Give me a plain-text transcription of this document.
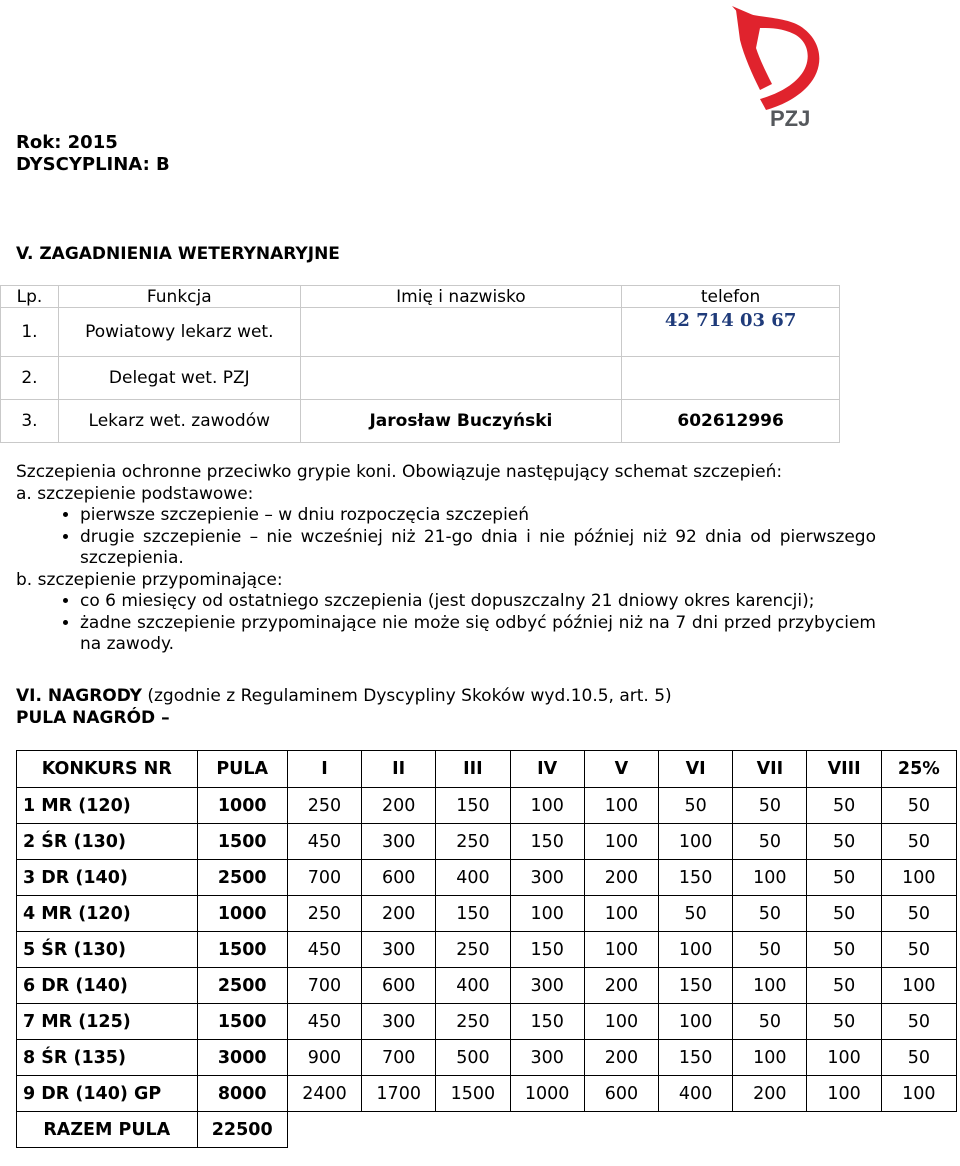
PZJ

Rok: 2015

DYSCYPLINA: B

V. ZAGADNIENIA WETERYNARYJNE

Lp.	Funkcja	Imię i nazwisko	telefon
1.	Powiatowy lekarz wet.		42 714 03 67
2.	Delegat wet. PZJ		
3.	Lekarz wet. zawodów	Jarosław Buczyński	602612996

Szczepienia ochronne przeciwko grypie koni. Obowiązuje następujący schemat szczepień:

a. szczepienie podstawowe:

• pierwsze szczepienie – w dniu rozpoczęcia szczepień
• drugie szczepienie – nie wcześniej niż 21-go dnia i nie później niż 92 dnia od pierwszego szczepienia.

b. szczepienie przypominające:

• co 6 miesięcy od ostatniego szczepienia (jest dopuszczalny 21 dniowy okres karencji);
• żadne szczepienie przypominające nie może się odbyć później niż na 7 dni przed przybyciem na zawody.

VI. NAGRODY (zgodnie z Regulaminem Dyscypliny Skoków wyd.10.5, art. 5)

PULA NAGRÓD –

KONKURS NR	PULA	I	II	III	IV	V	VI	VII	VIII	25%
1 MR (120)	1000	250	200	150	100	100	50	50	50	50
2 ŚR (130)	1500	450	300	250	150	100	100	50	50	50
3 DR (140)	2500	700	600	400	300	200	150	100	50	100
4 MR (120)	1000	250	200	150	100	100	50	50	50	50
5 ŚR (130)	1500	450	300	250	150	100	100	50	50	50
6 DR (140)	2500	700	600	400	300	200	150	100	50	100
7 MR (125)	1500	450	300	250	150	100	100	50	50	50
8 ŚR (135)	3000	900	700	500	300	200	150	100	100	50
9 DR (140) GP	8000	2400	1700	1500	1000	600	400	200	100	100
RAZEM PULA	22500									
